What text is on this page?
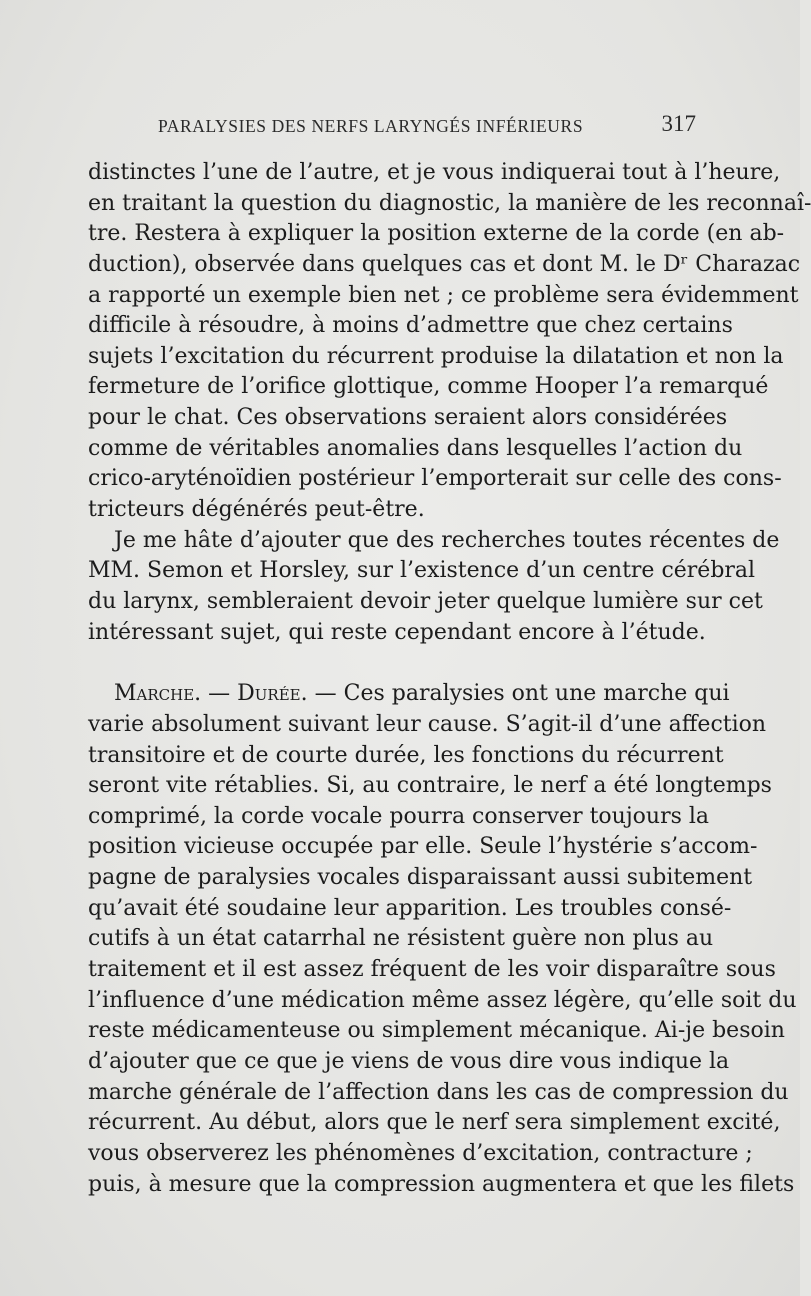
PARALYSIES DES NERFS LARYNGÉS INFÉRIEURS	317
distinctes l’une de l’autre, et je vous indiquerai tout à l’heure,
en traitant la question du diagnostic, la manière de les reconnaî-
tre. Restera à expliquer la position externe de la corde (en ab-
duction), observée dans quelques cas et dont M. le Dʳ Charazac
a rapporté un exemple bien net ; ce problème sera évidemment
difficile à résoudre, à moins d’admettre que chez certains
sujets l’excitation du récurrent produise la dilatation et non la
fermeture de l’orifice glottique, comme Hooper l’a remarqué
pour le chat. Ces observations seraient alors considérées
comme de véritables anomalies dans lesquelles l’action du
crico-aryténoïdien postérieur l’emporterait sur celle des cons-
tricteurs dégénérés peut-être.
Je me hâte d’ajouter que des recherches toutes récentes de
MM. Semon et Horsley, sur l’existence d’un centre cérébral
du larynx, sembleraient devoir jeter quelque lumière sur cet
intéressant sujet, qui reste cependant encore à l’étude.
Marche. — Durée. — Ces paralysies ont une marche qui
varie absolument suivant leur cause. S’agit-il d’une affection
transitoire et de courte durée, les fonctions du récurrent
seront vite rétablies. Si, au contraire, le nerf a été longtemps
comprimé, la corde vocale pourra conserver toujours la
position vicieuse occupée par elle. Seule l’hystérie s’accom-
pagne de paralysies vocales disparaissant aussi subitement
qu’avait été soudaine leur apparition. Les troubles consé-
cutifs à un état catarrhal ne résistent guère non plus au
traitement et il est assez fréquent de les voir disparaître sous
l’influence d’une médication même assez légère, qu’elle soit du
reste médicamenteuse ou simplement mécanique. Ai-je besoin
d’ajouter que ce que je viens de vous dire vous indique la
marche générale de l’affection dans les cas de compression du
récurrent. Au début, alors que le nerf sera simplement excité,
vous observerez les phénomènes d’excitation, contracture ;
puis, à mesure que la compression augmentera et que les filets
